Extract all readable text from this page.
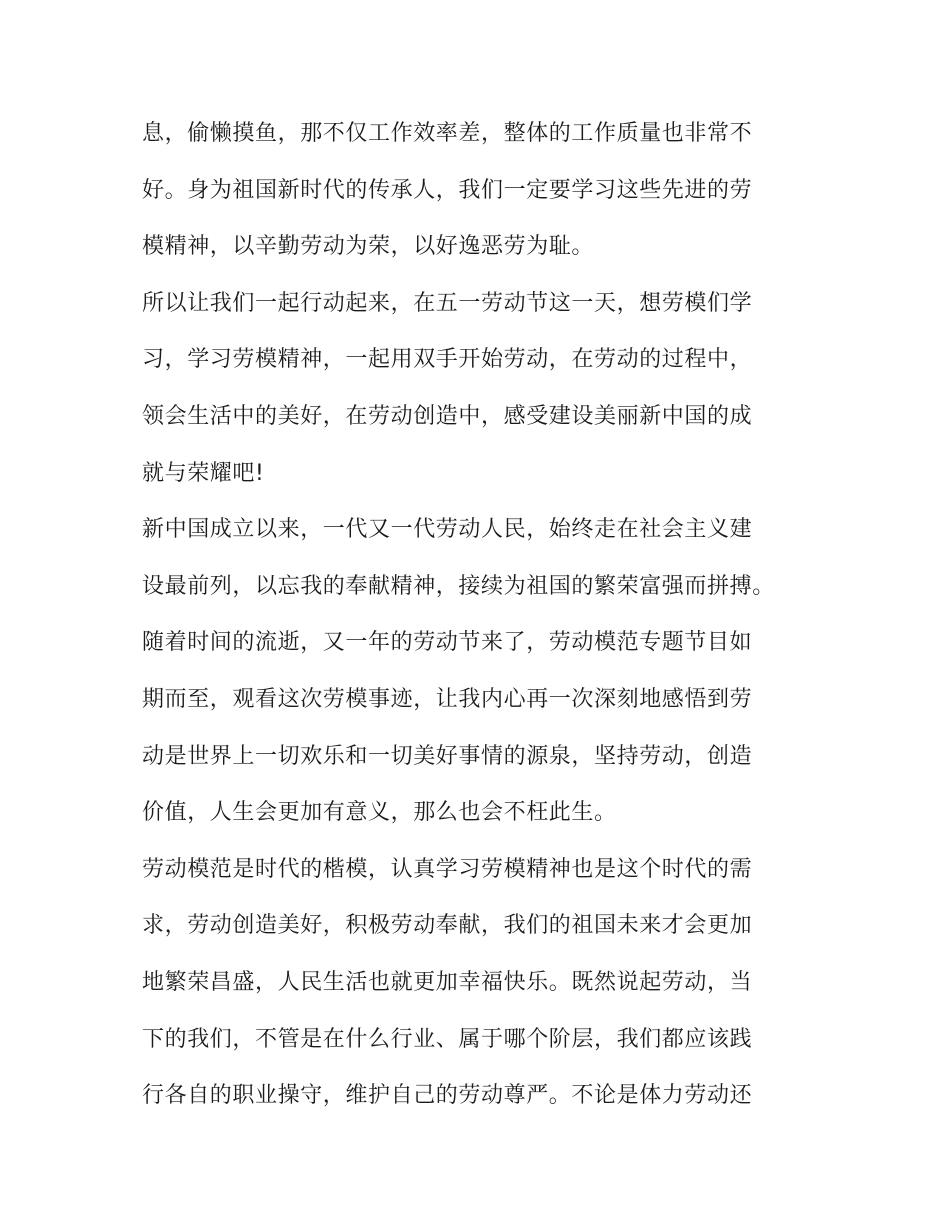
息，偷懒摸鱼，那不仅工作效率差，整体的工作质量也非常不
好。身为祖国新时代的传承人，我们一定要学习这些先进的劳
模精神，以辛勤劳动为荣，以好逸恶劳为耻。
所以让我们一起行动起来，在五一劳动节这一天，想劳模们学
习，学习劳模精神，一起用双手开始劳动，在劳动的过程中，
领会生活中的美好，在劳动创造中，感受建设美丽新中国的成
就与荣耀吧!
新中国成立以来，一代又一代劳动人民，始终走在社会主义建
设最前列，以忘我的奉献精神，接续为祖国的繁荣富强而拼搏。
随着时间的流逝，又一年的劳动节来了，劳动模范专题节目如
期而至，观看这次劳模事迹，让我内心再一次深刻地感悟到劳
动是世界上一切欢乐和一切美好事情的源泉，坚持劳动，创造
价值，人生会更加有意义，那么也会不枉此生。
劳动模范是时代的楷模，认真学习劳模精神也是这个时代的需
求，劳动创造美好，积极劳动奉献，我们的祖国未来才会更加
地繁荣昌盛，人民生活也就更加幸福快乐。既然说起劳动，当
下的我们，不管是在什么行业、属于哪个阶层，我们都应该践
行各自的职业操守，维护自己的劳动尊严。不论是体力劳动还
